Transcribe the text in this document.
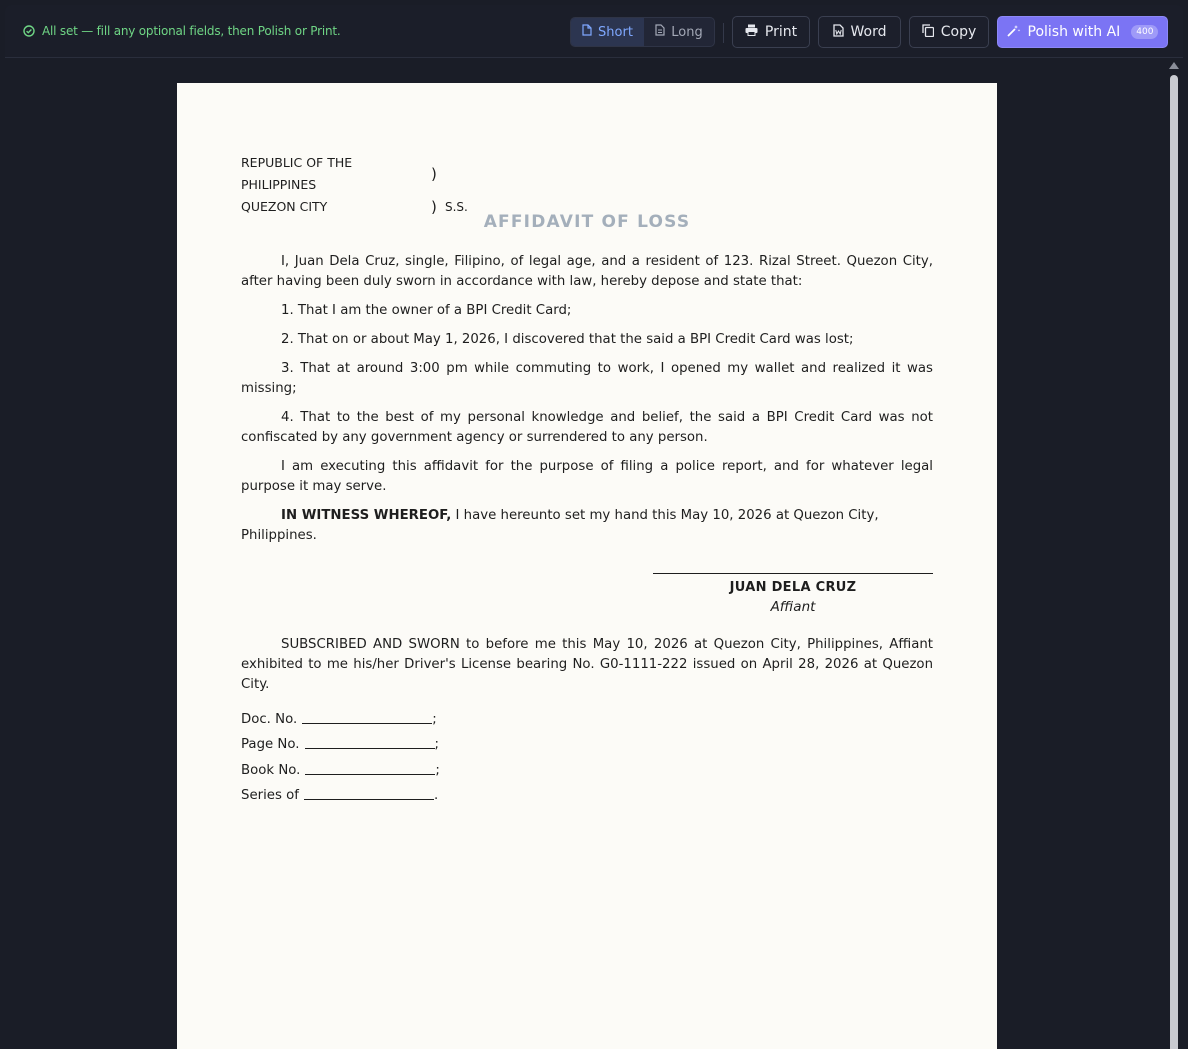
All set — fill any optional fields, then Polish or Print.	Short	Long	Print	Word	Copy	Polish with AI	400
REPUBLIC OF THE PHILIPPINES
)
QUEZON CITY	) S.S.
AFFIDAVIT OF LOSS

I, Juan Dela Cruz, single, Filipino, of legal age, and a resident of 123. Rizal Street. Quezon City, after having been duly sworn in accordance with law, hereby depose and state that:

1. That I am the owner of a BPI Credit Card;

2. That on or about May 1, 2026, I discovered that the said a BPI Credit Card was lost;

3. That at around 3:00 pm while commuting to work, I opened my wallet and realized it was missing;

4. That to the best of my personal knowledge and belief, the said a BPI Credit Card was not confiscated by any government agency or surrendered to any person.

I am executing this affidavit for the purpose of filing a police report, and for whatever legal purpose it may serve.

IN WITNESS WHEREOF, I have hereunto set my hand this May 10, 2026 at Quezon City, Philippines.

JUAN DELA CRUZ
Affiant
SUBSCRIBED AND SWORN to before me this May 10, 2026 at Quezon City, Philippines, Affiant exhibited to me his/her Driver's License bearing No. G0-1111-222 issued on April 28, 2026 at Quezon City.
Doc. No.	;
Page No.	;
Book No.	;
Series of	.
